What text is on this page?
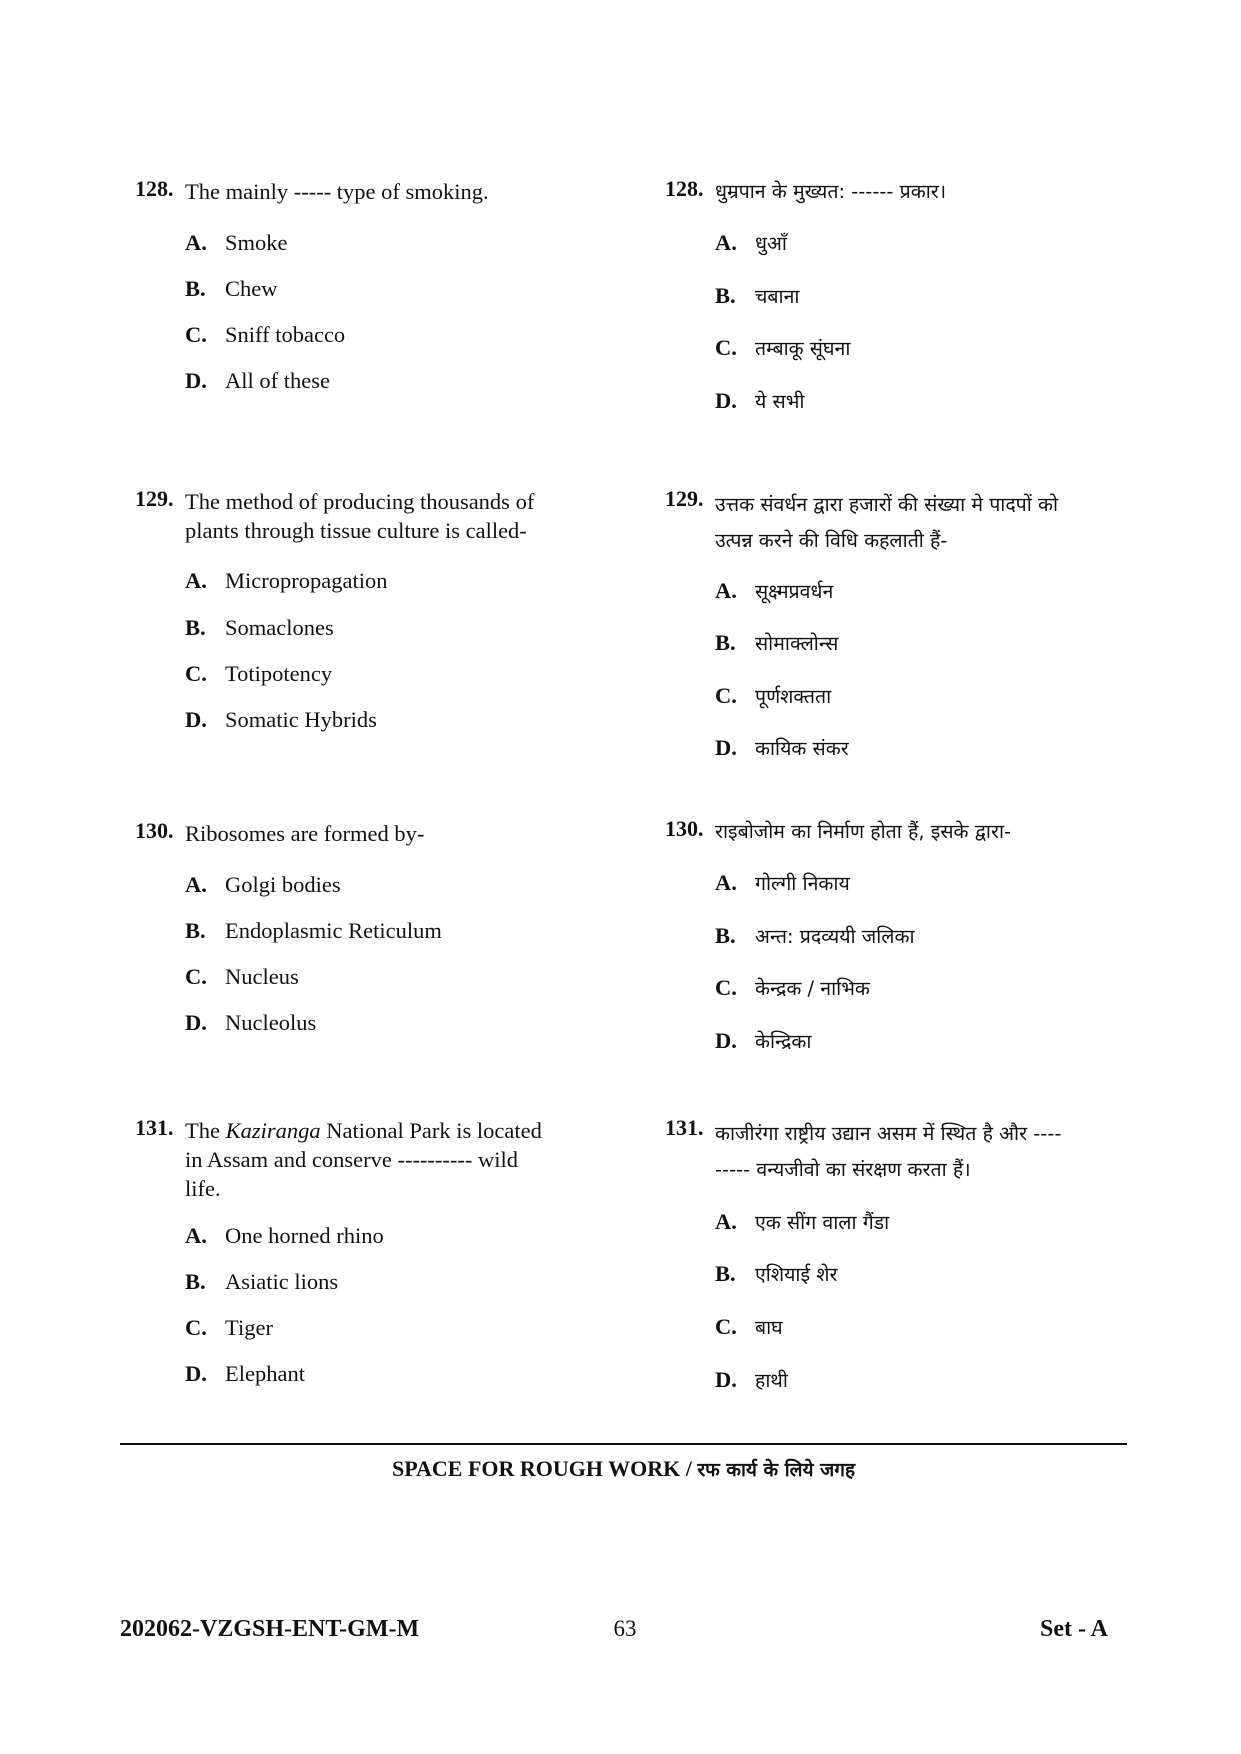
128. The mainly ----- type of smoking.
A. Smoke
B. Chew
C. Sniff tobacco
D. All of these
128. धुम्रपान के मुख्यत: ------ प्रकार।
A. धुआँ
B. चबाना
C. तम्बाकू सूंघना
D. ये सभी
129. The method of producing thousands of
plants through tissue culture is called-
A. Micropropagation
B. Somaclones
C. Totipotency
D. Somatic Hybrids
129. उत्तक संवर्धन द्वारा हजारों की संख्या मे पादपों को
उत्पन्न करने की विधि कहलाती हैं-
A. सूक्ष्मप्रवर्धन
B. सोमाक्लोन्स
C. पूर्णशक्तता
D. कायिक संकर
130. Ribosomes are formed by-
A. Golgi bodies
B. Endoplasmic Reticulum
C. Nucleus
D. Nucleolus
130. राइबोजोम का निर्माण होता हैं, इसके द्वारा-
A. गोल्गी निकाय
B. अन्त: प्रदव्ययी जलिका
C. केन्द्रक / नाभिक
D. केन्द्रिका
131. The Kaziranga National Park is located
in Assam and conserve ---------- wild
life.
A. One horned rhino
B. Asiatic lions
C. Tiger
D. Elephant
131. काजीरंगा राष्ट्रीय उद्यान असम में स्थित है और ----
----- वन्यजीवो का संरक्षण करता हैं।
A. एक सींग वाला गैंडा
B. एशियाई शेर
C. बाघ
D. हाथी
SPACE FOR ROUGH WORK / रफ कार्य के लिये जगह
202062-VZGSH-ENT-GM-M	63	Set - A
